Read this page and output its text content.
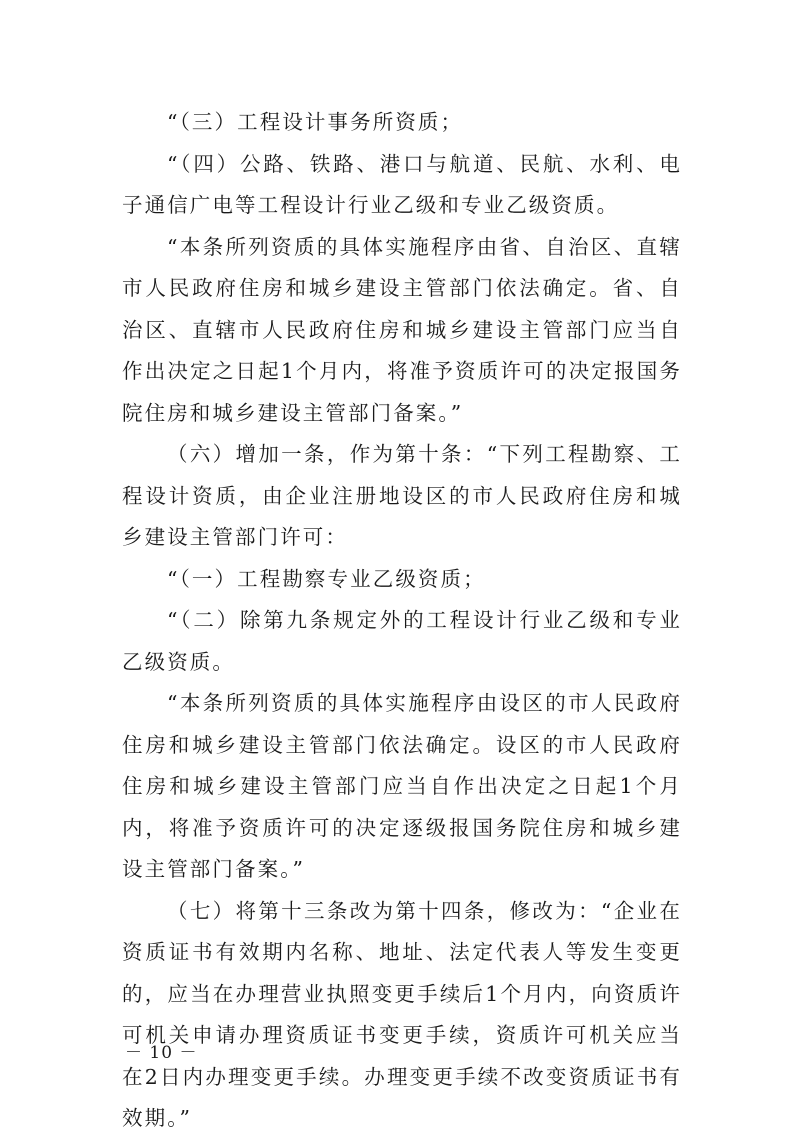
“（三）工程设计事务所资质；

“（四）公路、铁路、港口与航道、民航、水利、电子通信广电等工程设计行业乙级和专业乙级资质。

“本条所列资质的具体实施程序由省、自治区、直辖市人民政府住房和城乡建设主管部门依法确定。省、自治区、直辖市人民政府住房和城乡建设主管部门应当自作出决定之日起1个月内，将准予资质许可的决定报国务院住房和城乡建设主管部门备案。”

（六）增加一条，作为第十条：“下列工程勘察、工程设计资质，由企业注册地设区的市人民政府住房和城乡建设主管部门许可：

“（一）工程勘察专业乙级资质；

“（二）除第九条规定外的工程设计行业乙级和专业乙级资质。

“本条所列资质的具体实施程序由设区的市人民政府住房和城乡建设主管部门依法确定。设区的市人民政府住房和城乡建设主管部门应当自作出决定之日起1个月内，将准予资质许可的决定逐级报国务院住房和城乡建设主管部门备案。”

（七）将第十三条改为第十四条，修改为：“企业在资质证书有效期内名称、地址、法定代表人等发生变更的，应当在办理营业执照变更手续后1个月内，向资质许可机关申请办理资质证书变更手续，资质许可机关应当在2日内办理变更手续。办理变更手续不改变资质证书有效期。”

－ 10 －
